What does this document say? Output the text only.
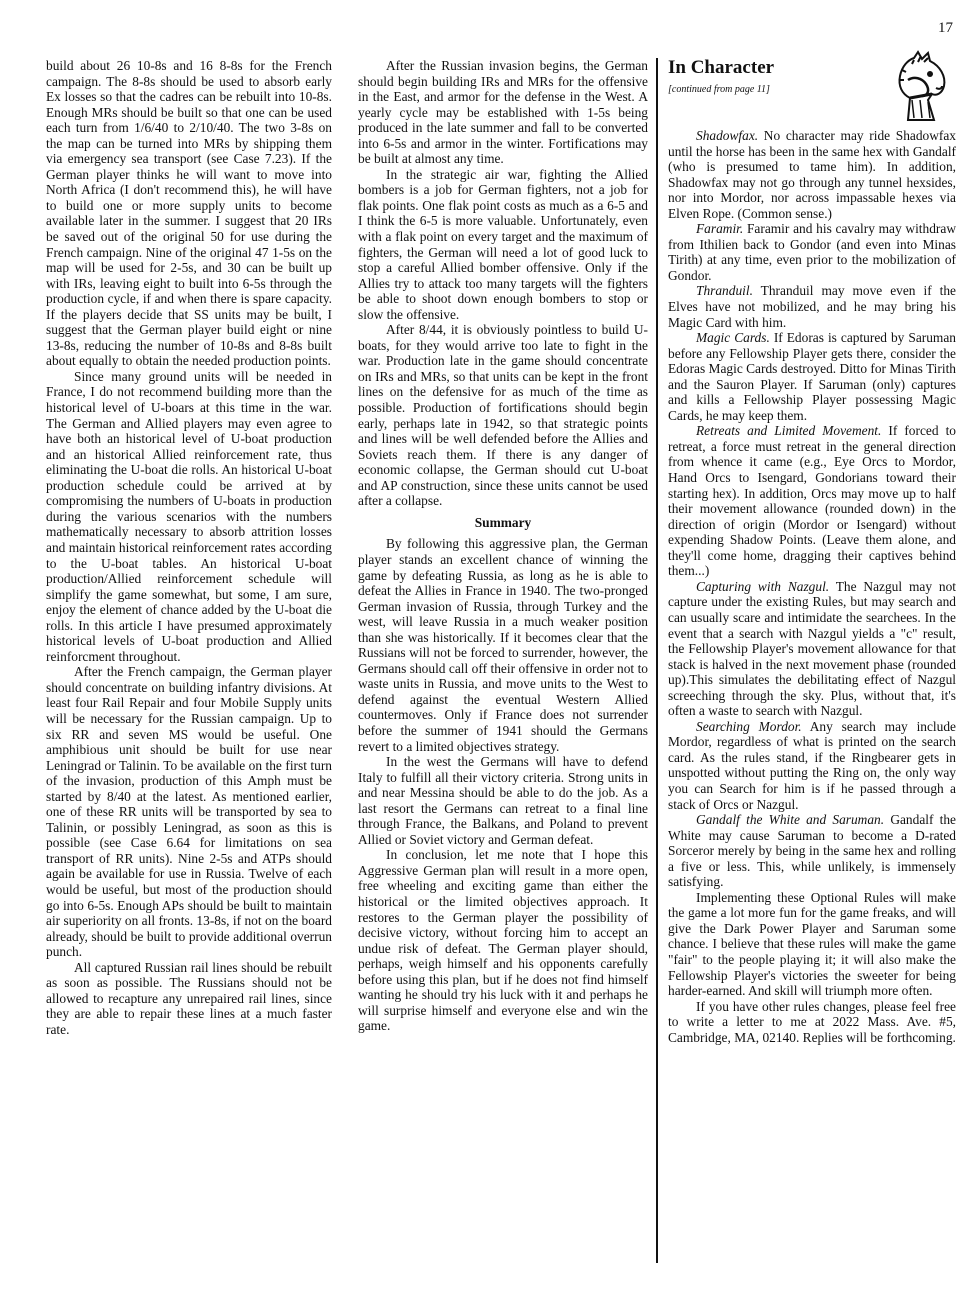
17

build about 26 10-8s and 16 8-8s for the French campaign. The 8-8s should be used to absorb early Ex losses so that the cadres can be rebuilt into 10-8s. Enough MRs should be built so that one can be used each turn from 1/6/40 to 2/10/40. The two 3-8s on the map can be turned into MRs by shipping them via emergency sea transport (see Case 7.23). If the German player thinks he will want to move into North Africa (I don't recommend this), he will have to build one or more supply units to become available later in the summer. I suggest that 20 IRs be saved out of the original 50 for use during the French campaign. Nine of the original 47 1-5s on the map will be used for 2-5s, and 30 can be built up with IRs, leaving eight to built into 6-5s through the production cycle, if and when there is spare capacity. If the players decide that SS units may be built, I suggest that the German player build eight or nine 13-8s, reducing the number of 10-8s and 8-8s built about equally to obtain the needed production points.

Since many ground units will be needed in France, I do not recommend building more than the historical level of U-boars at this time in the war. The German and Allied players may even agree to have both an historical level of U-boat production and an historical Allied reinforcement rate, thus eliminating the U-boat die rolls. An historical U-boat production schedule could be arrived at by compromising the numbers of U-boats in production during the various scenarios with the numbers mathematically necessary to absorb attrition losses and maintain historical reinforcement rates according to the U-boat tables. An historical U-boat production/Allied reinforcement schedule will simplify the game somewhat, but some, I am sure, enjoy the element of chance added by the U-boat die rolls. In this article I have presumed approximately historical levels of U-boat production and Allied reinforcment throughout.

After the French campaign, the German player should concentrate on building infantry divisions. At least four Rail Repair and four Mobile Supply units will be necessary for the Russian campaign. Up to six RR and seven MS would be useful. One amphibious unit should be built for use near Leningrad or Talinin. To be available on the first turn of the invasion, production of this Amph must be started by 8/40 at the latest. As mentioned earlier, one of these RR units will be transported by sea to Talinin, or possibly Leningrad, as soon as this is possible (see Case 6.64 for limitations on sea transport of RR units). Nine 2-5s and ATPs should again be available for use in Russia. Twelve of each would be useful, but most of the production should go into 6-5s. Enough APs should be built to maintain air superiority on all fronts. 13-8s, if not on the board already, should be built to provide additional overrun punch.

All captured Russian rail lines should be rebuilt as soon as possible. The Russians should not be allowed to recapture any unrepaired rail lines, since they are able to repair these lines at a much faster rate.

After the Russian invasion begins, the German should begin building IRs and MRs for the offensive in the East, and armor for the defense in the West. A yearly cycle may be established with 1-5s being produced in the late summer and fall to be converted into 6-5s and armor in the winter. Fortifications may be built at almost any time.

In the strategic air war, fighting the Allied bombers is a job for German fighters, not a job for flak points. One flak point costs as much as a 6-5 and I think the 6-5 is more valuable. Unfortunately, even with a flak point on every target and the maximum of fighters, the German will need a lot of good luck to stop a careful Allied bomber offensive. Only if the Allies try to attack too many targets will the fighters be able to shoot down enough bombers to stop or slow the offensive.

After 8/44, it is obviously pointless to build U-boats, for they would arrive too late to fight in the war. Production late in the game should concentrate on IRs and MRs, so that units can be kept in the front lines on the defensive for as much of the time as possible. Production of fortifications should begin early, perhaps late in 1942, so that strategic points and lines will be well defended before the Allies and Soviets reach them. If there is any danger of economic collapse, the German should cut U-boat and AP construction, since these units cannot be used after a collapse.

Summary

By following this aggressive plan, the German player stands an excellent chance of winning the game by defeating Russia, as long as he is able to defeat the Allies in France in 1940. The two-pronged German invasion of Russia, through Turkey and the west, will leave Russia in a much weaker position than she was historically. If it becomes clear that the Russians will not be forced to surrender, however, the Germans should call off their offensive in order not to waste units in Russia, and move units to the West to defend against the eventual Western Allied countermoves. Only if France does not surrender before the summer of 1941 should the Germans revert to a limited objectives strategy.

In the west the Germans will have to defend Italy to fulfill all their victory criteria. Strong units in and near Messina should be able to do the job. As a last resort the Germans can retreat to a final line through France, the Balkans, and Poland to prevent Allied or Soviet victory and German defeat.

In conclusion, let me note that I hope this Aggressive German plan will result in a more open, free wheeling and exciting game than either the historical or the limited objectives approach. It restores to the German player the possibility of decisive victory, without forcing him to accept an undue risk of defeat. The German player should, perhaps, weigh himself and his opponents carefully before using this plan, but if he does not find himself wanting he should try his luck with it and perhaps he will surprise himself and everyone else and win the game.

In Character
[continued from page 11]

Shadowfax. No character may ride Shadowfax until the horse has been in the same hex with Gandalf (who is presumed to tame him). In addition, Shadowfax may not go through any tunnel hexsides, nor into Mordor, nor across impassable hexes via Elven Rope. (Common sense.)

Faramir. Faramir and his cavalry may withdraw from Ithilien back to Gondor (and even into Minas Tirith) at any time, even prior to the mobilization of Gondor.

Thranduil. Thranduil may move even if the Elves have not mobilized, and he may bring his Magic Card with him.

Magic Cards. If Edoras is captured by Saruman before any Fellowship Player gets there, consider the Edoras Magic Cards destroyed. Ditto for Minas Tirith and the Sauron Player. If Saruman (only) captures and kills a Fellowship Player possessing Magic Cards, he may keep them.

Retreats and Limited Movement. If forced to retreat, a force must retreat in the general direction from whence it came (e.g., Eye Orcs to Mordor, Hand Orcs to Isengard, Gondorians toward their starting hex). In addition, Orcs may move up to half their movement allowance (rounded down) in the direction of origin (Mordor or Isengard) without expending Shadow Points. (Leave them alone, and they'll come home, dragging their captives behind them...)

Capturing with Nazgul. The Nazgul may not capture under the existing Rules, but may search and can usually scare and intimidate the searchees. In the event that a search with Nazgul yields a "c" result, the Fellowship Player's movement allowance for that stack is halved in the next movement phase (rounded up).This simulates the debilitating effect of Nazgul screeching through the sky. Plus, without that, it's often a waste to search with Nazgul.

Searching Mordor. Any search may include Mordor, regardless of what is printed on the search card. As the rules stand, if the Ringbearer gets in unspotted without putting the Ring on, the only way you can Search for him is if he passed through a stack of Orcs or Nazgul.

Gandalf the White and Saruman. Gandalf the White may cause Saruman to become a D-rated Sorceror merely by being in the same hex and rolling a five or less. This, while unlikely, is immensely satisfying.

Implementing these Optional Rules will make the game a lot more fun for the game freaks, and will give the Dark Power Player and Saruman some chance. I believe that these rules will make the game "fair" to the people playing it; it will also make the Fellowship Player's victories the sweeter for being harder-earned. And skill will triumph more often.

If you have other rules changes, please feel free to write a letter to me at 2022 Mass. Ave. #5, Cambridge, MA, 02140. Replies will be forthcoming.
